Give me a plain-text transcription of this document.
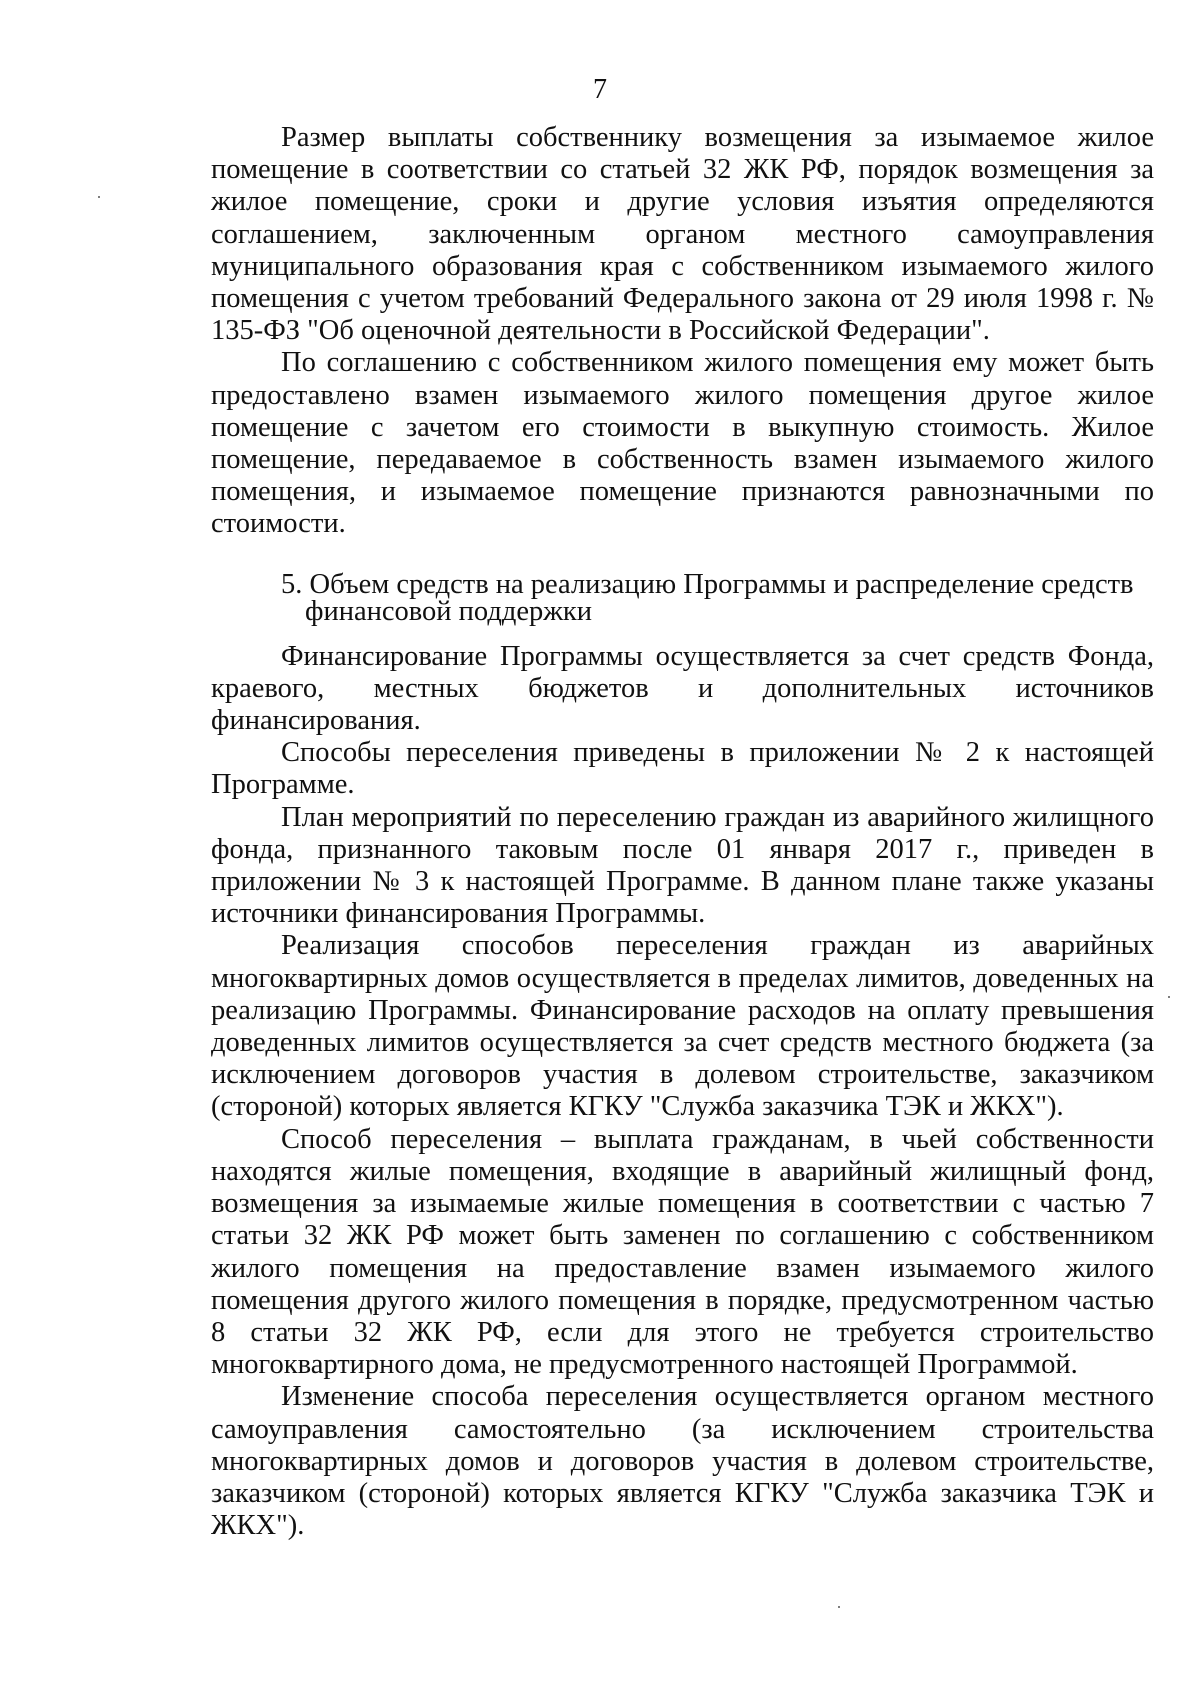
7

Размер выплаты собственнику возмещения за изымаемое жилое помещение в соответствии со статьей 32 ЖК РФ, порядок возмещения за жилое помещение, сроки и другие условия изъятия определяются соглашением, заключенным органом местного самоуправления муниципального образования края с собственником изымаемого жилого помещения с учетом требований Федерального закона от 29 июля 1998 г. № 135-ФЗ "Об оценочной деятельности в Российской Федерации".

По соглашению с собственником жилого помещения ему может быть предоставлено взамен изымаемого жилого помещения другое жилое помещение с зачетом его стоимости в выкупную стоимость. Жилое помещение, передаваемое в собственность взамен изымаемого жилого помещения, и изымаемое помещение признаются равнозначными по стоимости.

5. Объем средств на реализацию Программы и распределение средств
финансовой поддержки

Финансирование Программы осуществляется за счет средств Фонда, краевого, местных бюджетов и дополнительных источников финансирования.

Способы переселения приведены в приложении № 2 к настоящей Программе.

План мероприятий по переселению граждан из аварийного жилищного фонда, признанного таковым после 01 января 2017 г., приведен в приложении № 3 к настоящей Программе. В данном плане также указаны источники финансирования Программы.

Реализация способов переселения граждан из аварийных многоквартирных домов осуществляется в пределах лимитов, доведенных на реализацию Программы. Финансирование расходов на оплату превышения доведенных лимитов осуществляется за счет средств местного бюджета (за исключением договоров участия в долевом строительстве, заказчиком (стороной) которых является КГКУ "Служба заказчика ТЭК и ЖКХ").

Способ переселения – выплата гражданам, в чьей собственности находятся жилые помещения, входящие в аварийный жилищный фонд, возмещения за изымаемые жилые помещения в соответствии с частью 7 статьи 32 ЖК РФ может быть заменен по соглашению с собственником жилого помещения на предоставление взамен изымаемого жилого помещения другого жилого помещения в порядке, предусмотренном частью 8 статьи 32 ЖК РФ, если для этого не требуется строительство многоквартирного дома, не предусмотренного настоящей Программой.

Изменение способа переселения осуществляется органом местного самоуправления самостоятельно (за исключением строительства многоквартирных домов и договоров участия в долевом строительстве, заказчиком (стороной) которых является КГКУ "Служба заказчика ТЭК и ЖКХ").
